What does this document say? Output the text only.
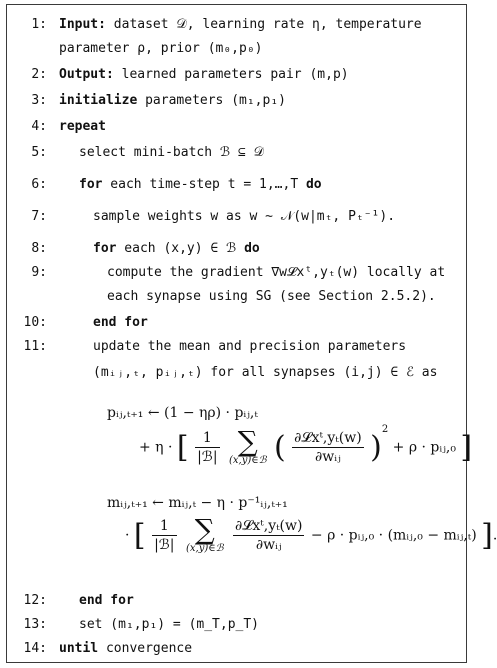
1: Input: dataset 𝒟, learning rate η, temperature
parameter ρ, prior (m₀,p₀)
2: Output: learned parameters pair (m,p)
3: initialize parameters (m₁,p₁)
4: repeat
5: select mini-batch ℬ ⊆ 𝒟
6: for each time-step t = 1,…,T do
7:	sample weights w as w ∼ 𝒩(w|mₜ, Pₜ⁻¹).
8:	for each (x,y) ∈ ℬ do
9:	compute the gradient ∇w𝓛xᵗ,yₜ(w) locally at
each synapse using SG (see Section 2.5.2).
10:	end for
11:	update the mean and precision parameters
(mᵢⱼ,ₜ, pᵢⱼ,ₜ) for all synapses (i,j) ∈ ℰ as
pᵢⱼ,ₜ₊₁ ← (1 − ηρ) · pᵢⱼ,ₜ
+ η · [ $\frac{1}{\text{|ℬ|}}$
∑
(x,y)∈ℬ ( $\frac{\text{∂𝓛xᵗ,yₜ(w)}}{\text{∂wᵢⱼ}} )^2 + \rho$ · pᵢⱼ,₀ ]
mᵢⱼ,ₜ₊₁ ← mᵢⱼ,ₜ − η · p⁻¹ᵢⱼ,ₜ₊₁
· [ $\frac{1}{\text{|ℬ|}}$
∑
(x,y)∈ℬ
$\frac{\text{∂𝓛xᵗ,yₜ(w)}}{\text{∂wᵢⱼ}} - \rho$ · pᵢⱼ,₀ · (mᵢⱼ,₀ − mᵢⱼ,ₜ) ].
12: end for
13: set (m₁,p₁) = (m_T,p_T)
14: until convergence
